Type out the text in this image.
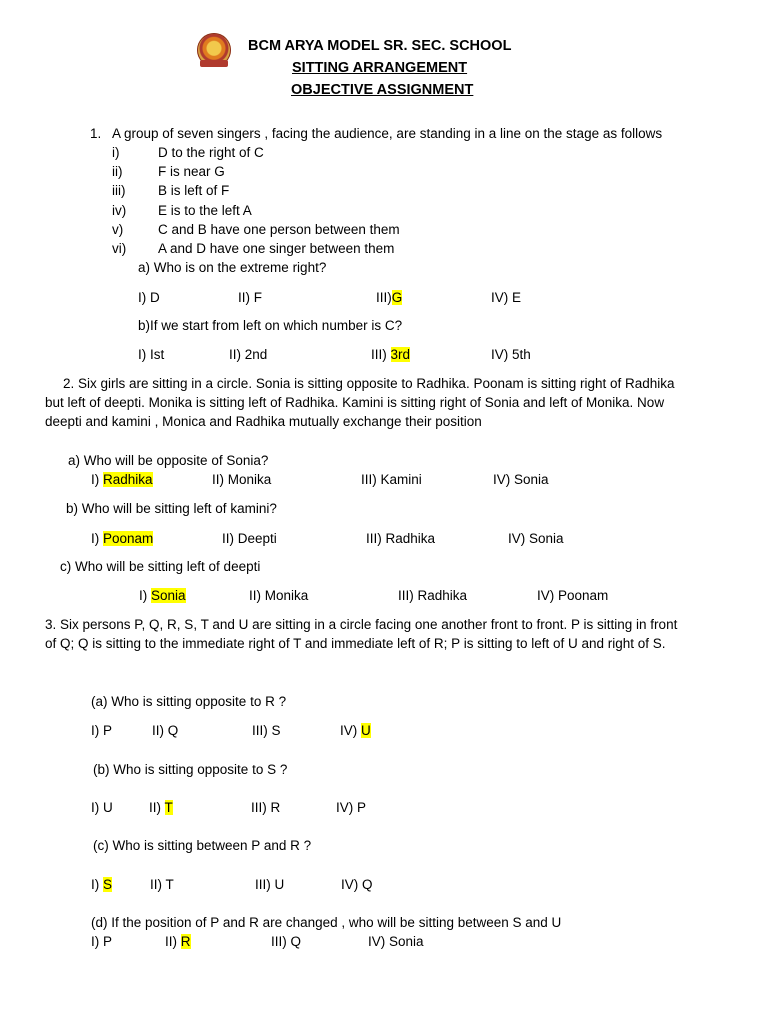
BCM ARYA MODEL SR. SEC. SCHOOL
SITTING ARRANGEMENT
OBJECTIVE ASSIGNMENT
1. A group of seven singers , facing the audience, are standing in a line on the stage as follows
i)	D to the right of C
ii)	F is near G
iii) B is left of F
iv) E is to the left A
v)	C and B have one person between them
vi) A and D have one singer between them
a) Who is on the extreme right?
I) D	II) F	III)G	IV) E
b)If we start from left on which number is C?
I) Ist	II) 2nd	III) 3rd	IV) 5th
2. Six girls are sitting in a circle. Sonia is sitting opposite to Radhika. Poonam is sitting right of Radhika
but left of deepti. Monika is sitting left of Radhika. Kamini is sitting right of Sonia and left of Monika. Now
deepti and kamini , Monica and Radhika mutually exchange their position
a) Who will be opposite of Sonia?
I) Radhika	II) Monika	III) Kamini	IV) Sonia
b) Who will be sitting left of kamini?
I) Poonam	II) Deepti	III) Radhika	IV) Sonia
c) Who will be sitting left of deepti
I) Sonia	II) Monika	III) Radhika	IV) Poonam
3. Six persons P, Q, R, S, T and U are sitting in a circle facing one another front to front. P is sitting in front
of Q; Q is sitting to the immediate right of T and immediate left of R; P is sitting to left of U and right of S.
(a) Who is sitting opposite to R ?
I) P	II) Q	III) S	IV) U
(b) Who is sitting opposite to S ?
I) U	II) T	III) R	IV) P
(c) Who is sitting between P and R ?
I) S	II) T	III) U	IV) Q
(d) If the position of P and R are changed , who will be sitting between S and U
I) P	II) R	III) Q	IV) Sonia
